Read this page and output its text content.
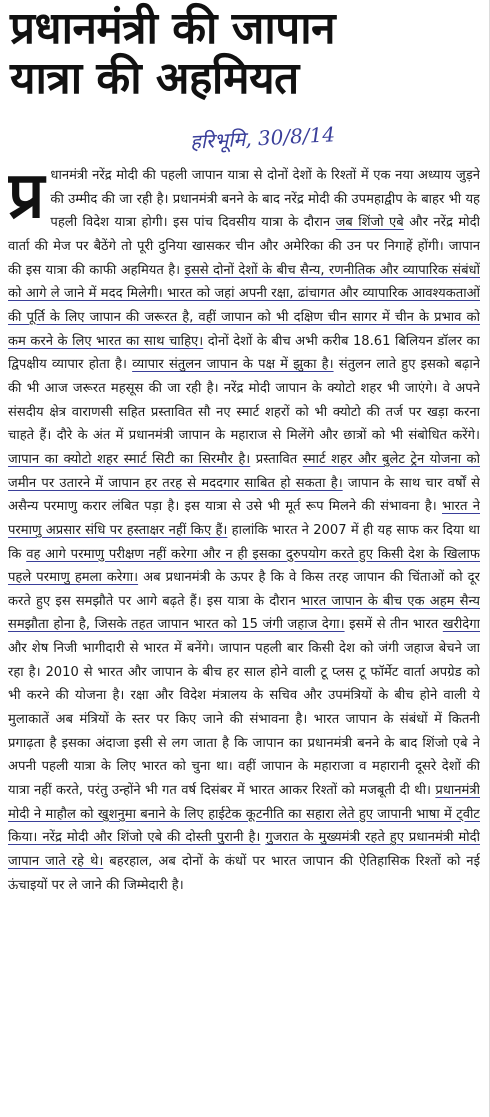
प्रधानमंत्री की जापान
यात्रा की अहमियत
हरिभूमि, 30/8/14
प्र धानमंत्री नरेंद्र मोदी की पहली जापान यात्रा से दोनों देशों के रिश्तों में एक नया अध्याय जुड़ने की उम्मीद की जा रही है। प्रधानमंत्री बनने के बाद नरेंद्र मोदी की उपमहाद्वीप के बाहर भी यह पहली विदेश यात्रा होगी। इस पांच दिवसीय यात्रा के दौरान जब शिंजो एबे और नरेंद्र मोदी वार्ता की मेज पर बैठेंगे तो पूरी दुनिया खासकर चीन और अमेरिका की उन पर निगाहें होंगी। जापान की इस यात्रा की काफी अहमियत है। इससे दोनों देशों के बीच सैन्य, रणनीतिक और व्यापारिक संबंधों को आगे ले जाने में मदद मिलेगी। भारत को जहां अपनी रक्षा, ढांचागत और व्यापारिक आवश्यकताओं की पूर्ति के लिए जापान की जरूरत है, वहीं जापान को भी दक्षिण चीन सागर में चीन के प्रभाव को कम करने के लिए भारत का साथ चाहिए। दोनों देशों के बीच अभी करीब 18.61 बिलियन डॉलर का द्विपक्षीय व्यापार होता है। व्यापार संतुलन जापान के पक्ष में झुका है। संतुलन लाते हुए इसको बढ़ाने की भी आज जरूरत महसूस की जा रही है। नरेंद्र मोदी जापान के क्योटो शहर भी जाएंगे। वे अपने संसदीय क्षेत्र वाराणसी सहित प्रस्तावित सौ नए स्मार्ट शहरों को भी क्योटो की तर्ज पर खड़ा करना चाहते हैं। दौरे के अंत में प्रधानमंत्री जापान के महाराज से मिलेंगे और छात्रों को भी संबोधित करेंगे। जापान का क्योटो शहर स्मार्ट सिटी का सिरमौर है। प्रस्तावित स्मार्ट शहर और बुलेट ट्रेन योजना को जमीन पर उतारने में जापान हर तरह से मददगार साबित हो सकता है। जापान के साथ चार वर्षों से असैन्य परमाणु करार लंबित पड़ा है। इस यात्रा से उसे भी मूर्त रूप मिलने की संभावना है। भारत ने परमाणु अप्रसार संधि पर हस्ताक्षर नहीं किए हैं। हालांकि भारत ने 2007 में ही यह साफ कर दिया था कि वह आगे परमाणु परीक्षण नहीं करेगा और न ही इसका दुरुपयोग करते हुए किसी देश के खिलाफ पहले परमाणु हमला करेगा। अब प्रधानमंत्री के ऊपर है कि वे किस तरह जापान की चिंताओं को दूर करते हुए इस समझौते पर आगे बढ़ते हैं। इस यात्रा के दौरान भारत जापान के बीच एक अहम सैन्य समझौता होना है, जिसके तहत जापान भारत को 15 जंगी जहाज देगा। इसमें से तीन भारत खरीदेगा और शेष निजी भागीदारी से भारत में बनेंगे। जापान पहली बार किसी देश को जंगी जहाज बेचने जा रहा है। 2010 से भारत और जापान के बीच हर साल होने वाली टू प्लस टू फॉर्मेट वार्ता अपग्रेड को भी करने की योजना है। रक्षा और विदेश मंत्रालय के सचिव और उपमंत्रियों के बीच होने वाली ये मुलाकातें अब मंत्रियों के स्तर पर किए जाने की संभावना है। भारत जापान के संबंधों में कितनी प्रगाढ़ता है इसका अंदाजा इसी से लग जाता है कि जापान का प्रधानमंत्री बनने के बाद शिंजो एबे ने अपनी पहली यात्रा के लिए भारत को चुना था। वहीं जापान के महाराजा व महारानी दूसरे देशों की यात्रा नहीं करते, परंतु उन्होंने भी गत वर्ष दिसंबर में भारत आकर रिश्तों को मजबूती दी थी। प्रधानमंत्री मोदी ने माहौल को खुशनुमा बनाने के लिए हाईटेक कूटनीति का सहारा लेते हुए जापानी भाषा में ट्वीट किया। नरेंद्र मोदी और शिंजो एबे की दोस्ती पुरानी है। गुजरात के मुख्यमंत्री रहते हुए प्रधानमंत्री मोदी जापान जाते रहे थे। बहरहाल, अब दोनों के कंधों पर भारत जापान की ऐतिहासिक रिश्तों को नई ऊंचाइयों पर ले जाने की जिम्मेदारी है।
